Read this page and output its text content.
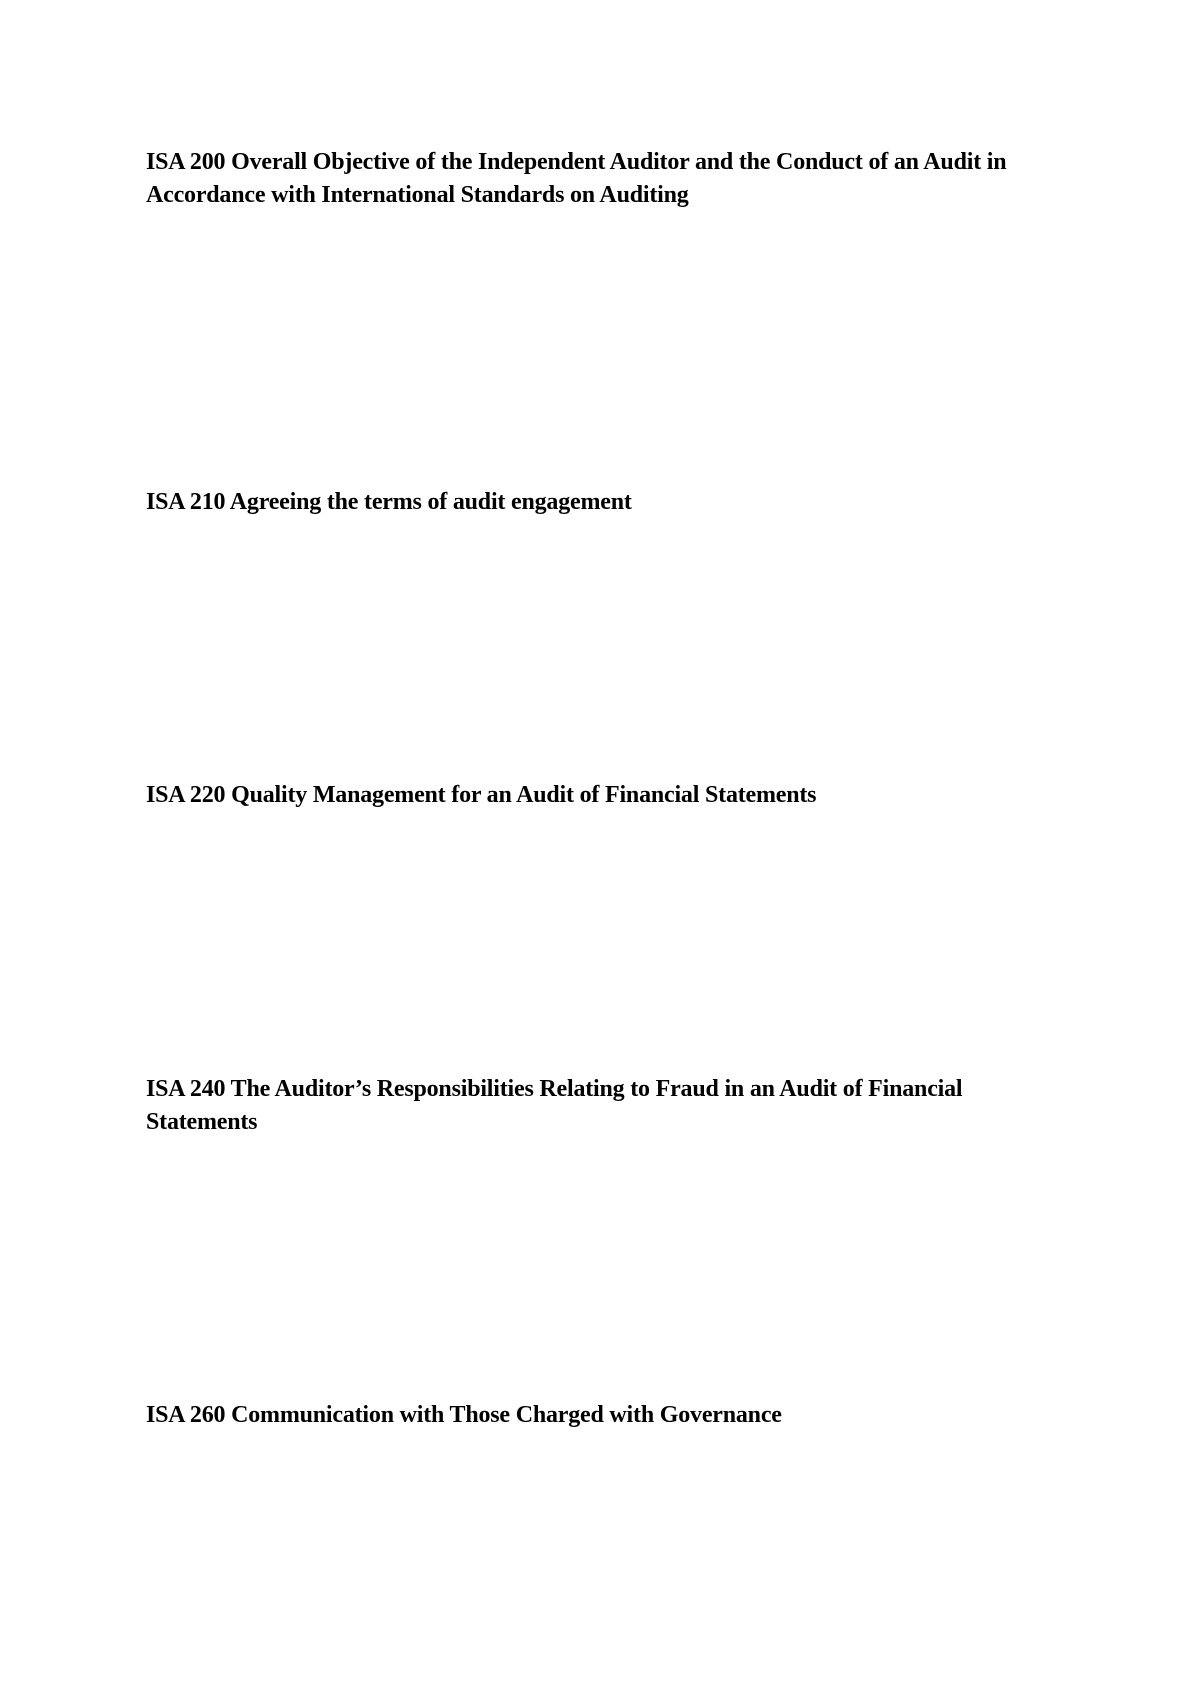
ISA 200 Overall Objective of the Independent Auditor and the Conduct of an Audit in Accordance with International Standards on Auditing

ISA 210 Agreeing the terms of audit engagement

ISA 220 Quality Management for an Audit of Financial Statements

ISA 240 The Auditor’s Responsibilities Relating to Fraud in an Audit of Financial Statements

ISA 260 Communication with Those Charged with Governance
